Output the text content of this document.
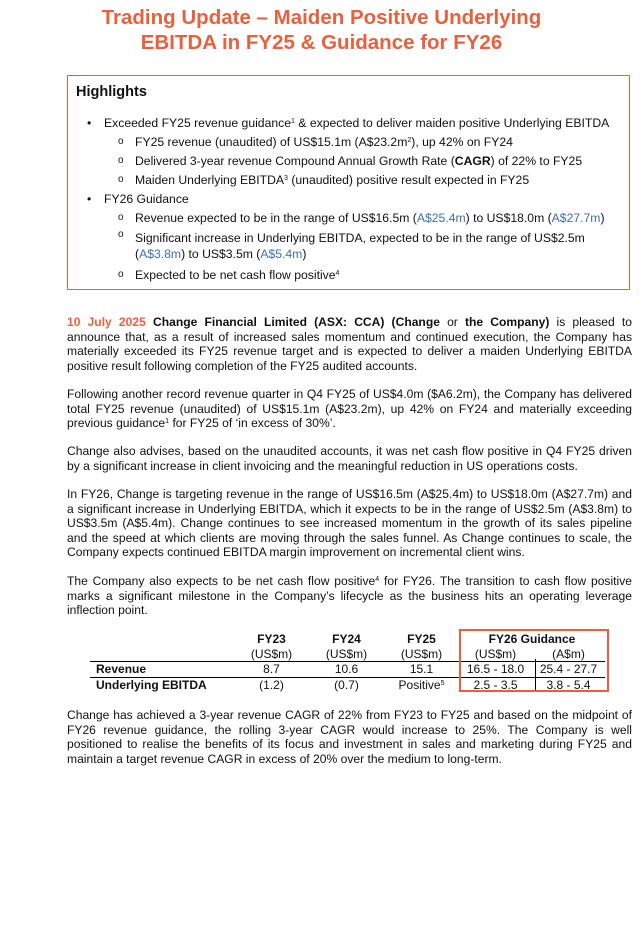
Trading Update – Maiden Positive Underlying
EBITDA in FY25 & Guidance for FY26
Highlights
• Exceeded FY25 revenue guidance$^1$ & expected to deliver maiden positive Underlying EBITDA
o FY25 revenue (unaudited) of US$15.1m $(A\$23.2m^2)$, up 42% on FY24
o Delivered 3-year revenue Compound Annual Growth Rate (CAGR) of 22% to FY25
o Maiden Underlying EBITDA$^3$ (unaudited) positive result expected in FY25
• FY26 Guidance
o Revenue expected to be in the range of US$16.5m (A$25.4m) to US$18.0m (A$27.7m)
o Significant increase in Underlying EBITDA, expected to be in the range of US$2.5m (A$3.8m) to US$3.5m (A$5.4m)
o Expected to be net cash flow positive$^4$
10 July 2025 Change Financial Limited (ASX: CCA) (Change or the Company) is pleased to announce that, as a result of increased sales momentum and continued execution, the Company has materially exceeded its FY25 revenue target and is expected to deliver a maiden Underlying EBITDA positive result following completion of the FY25 audited accounts.
Following another record revenue quarter in Q4 FY25 of US$4.0m ($A6.2m), the Company has delivered total FY25 revenue (unaudited) of US$15.1m (A$23.2m), up 42% on FY24 and materially exceeding previous guidance$^1$ for FY25 of ‘in excess of 30%’.
Change also advises, based on the unaudited accounts, it was net cash flow positive in Q4 FY25 driven by a significant increase in client invoicing and the meaningful reduction in US operations costs.
In FY26, Change is targeting revenue in the range of US$16.5m (A$25.4m) to US$18.0m (A$27.7m) and a significant increase in Underlying EBITDA, which it expects to be in the range of US$2.5m (A$3.8m) to US$3.5m (A$5.4m). Change continues to see increased momentum in the growth of its sales pipeline and the speed at which clients are moving through the sales funnel. As Change continues to scale, the Company expects continued EBITDA margin improvement on incremental client wins.
The Company also expects to be net cash flow positive$^4$ for FY26. The transition to cash flow positive marks a significant milestone in the Company’s lifecycle as the business hits an operating leverage inflection point.
	FY23	FY24	FY25	FY26 Guidance	
	(US$m)	(US$m)	(US$m)	(US$m)	(A$m)
Revenue	8.7	10.6	15.1	16.5 - 18.0	25.4 - 27.7
Underlying EBITDA	(1.2)	(0.7)	Positive$^5$	2.5 - 3.5	3.8 - 5.4
Change has achieved a 3-year revenue CAGR of 22% from FY23 to FY25 and based on the midpoint of FY26 revenue guidance, the rolling 3-year CAGR would increase to 25%. The Company is well positioned to realise the benefits of its focus and investment in sales and marketing during FY25 and maintain a target revenue CAGR in excess of 20% over the medium to long-term.
